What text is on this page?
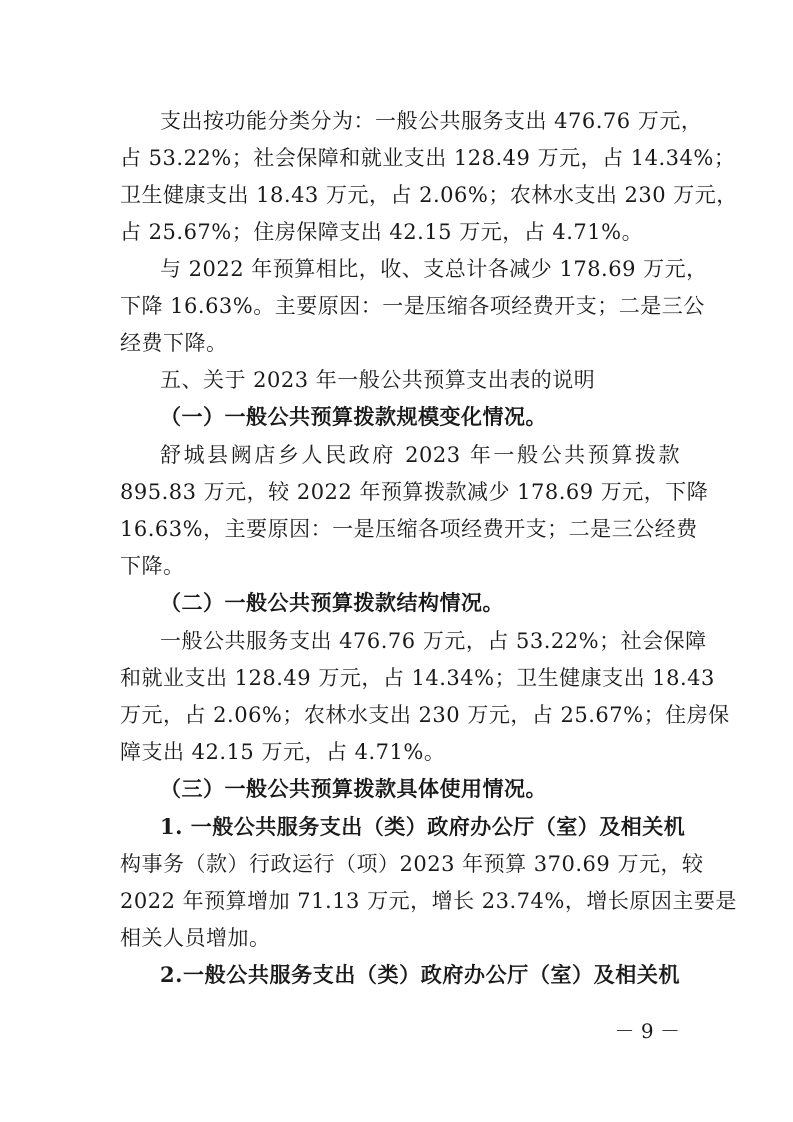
支出按功能分类分为：一般公共服务支出 476.76 万元，
占 53.22%；社会保障和就业支出 128.49 万元，占 14.34%；
卫生健康支出 18.43 万元，占 2.06%；农林水支出 230 万元，
占 25.67%；住房保障支出 42.15 万元，占 4.71%。
与 2022 年预算相比，收、支总计各减少 178.69 万元，
下降 16.63%。主要原因：一是压缩各项经费开支；二是三公
经费下降。
五、关于 2023 年一般公共预算支出表的说明
（一）一般公共预算拨款规模变化情况。
舒城县阙店乡人民政府 2023 年一般公共预算拨款
895.83 万元，较 2022 年预算拨款减少 178.69 万元，下降
16.63%，主要原因：一是压缩各项经费开支；二是三公经费
下降。
（二）一般公共预算拨款结构情况。
一般公共服务支出 476.76 万元，占 53.22%；社会保障
和就业支出 128.49 万元，占 14.34%；卫生健康支出 18.43
万元，占 2.06%；农林水支出 230 万元，占 25.67%；住房保
障支出 42.15 万元，占 4.71%。
（三）一般公共预算拨款具体使用情况。
1. 一般公共服务支出（类）政府办公厅（室）及相关机
构事务（款）行政运行（项）2023 年预算 370.69 万元，较
2022 年预算增加 71.13 万元，增长 23.74%，增长原因主要是
相关人员增加。
2.一般公共服务支出（类）政府办公厅（室）及相关机
－ 9 －
